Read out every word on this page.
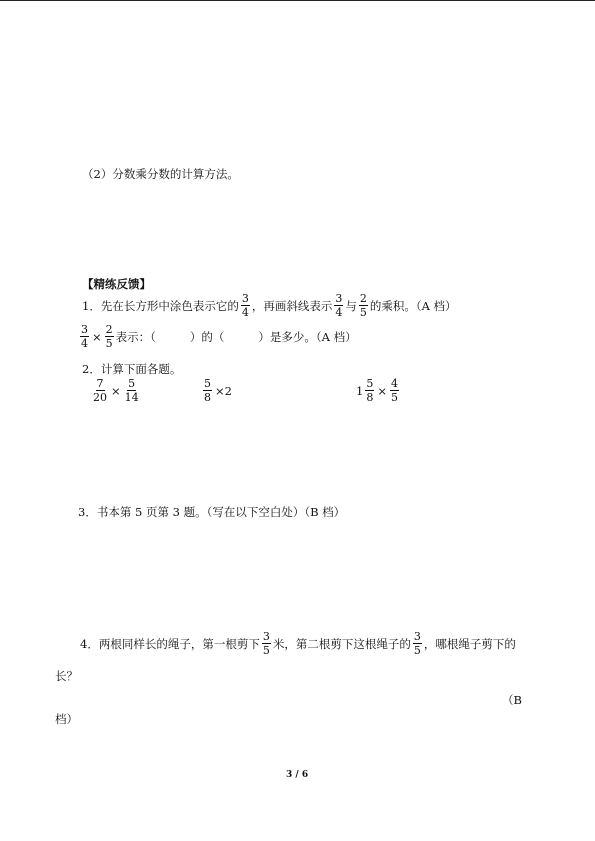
（2）分数乘分数的计算方法。
【精练反馈】
1．先在长方形中涂色表示它的 $\frac{3}{4}$ ，再画斜线表示 $\frac{3}{4}$ 与 $\frac{2}{5}$ 的乘积。（A 档）
$\frac{3}{4} \times \frac{2}{5}$ 表示：（	）的（	）是多少。（A 档）
2．计算下面各题。
$\frac{7}{20} \times \frac{5}{14}$	$\frac{5}{8} \times 2$	$1 \frac{5}{8} \times \frac{4}{5}$
3．书本第 5 页第 3 题。（写在以下空白处）（B 档）
4．两根同样长的绳子，第一根剪下 $\frac{3}{5}$ 米，第二根剪下这根绳子的 $\frac{3}{5}$ ，哪根绳子剪下的
长？
（B
档）
3 / 6
